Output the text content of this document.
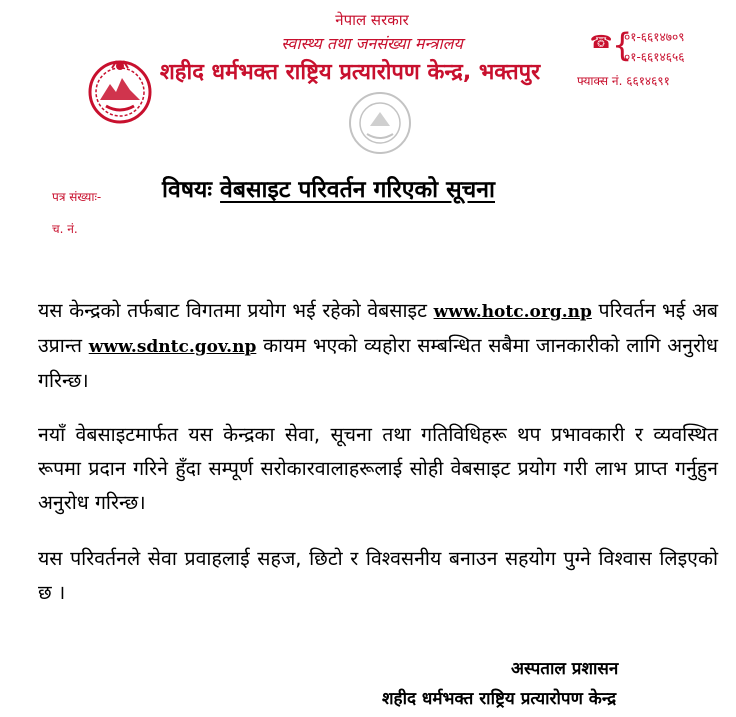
नेपाल सरकार
स्वास्थ्य तथा जनसंख्या मन्त्रालय
शहीद धर्मभक्त राष्ट्रिय प्रत्यारोपण केन्द्र, भक्तपुर
☎ {
०१-६६१४७०९
०१-६६१४६५६
फ्याक्स नं. ६६१४६९१
पत्र संख्याः-
च. नं.
विषयः वेबसाइट परिवर्तन गरिएको सूचना
यस केन्द्रको तर्फबाट विगतमा प्रयोग भई रहेको वेबसाइट www.hotc.org.np परिवर्तन भई अब उप्रान्त www.sdntc.gov.np कायम भएको व्यहोरा सम्बन्धित सबैमा जानकारीको लागि अनुरोध गरिन्छ।
नयाँ वेबसाइटमार्फत यस केन्द्रका सेवा, सूचना तथा गतिविधिहरू थप प्रभावकारी र व्यवस्थित रूपमा प्रदान गरिने हुँदा सम्पूर्ण सरोकारवालाहरूलाई सोही वेबसाइट प्रयोग गरी लाभ प्राप्त गर्नुहुन अनुरोध गरिन्छ।
यस परिवर्तनले सेवा प्रवाहलाई सहज, छिटो र विश्वसनीय बनाउन सहयोग पुग्ने विश्वास लिइएको छ ।
अस्पताल प्रशासन
शहीद धर्मभक्त राष्ट्रिय प्रत्यारोपण केन्द्र
